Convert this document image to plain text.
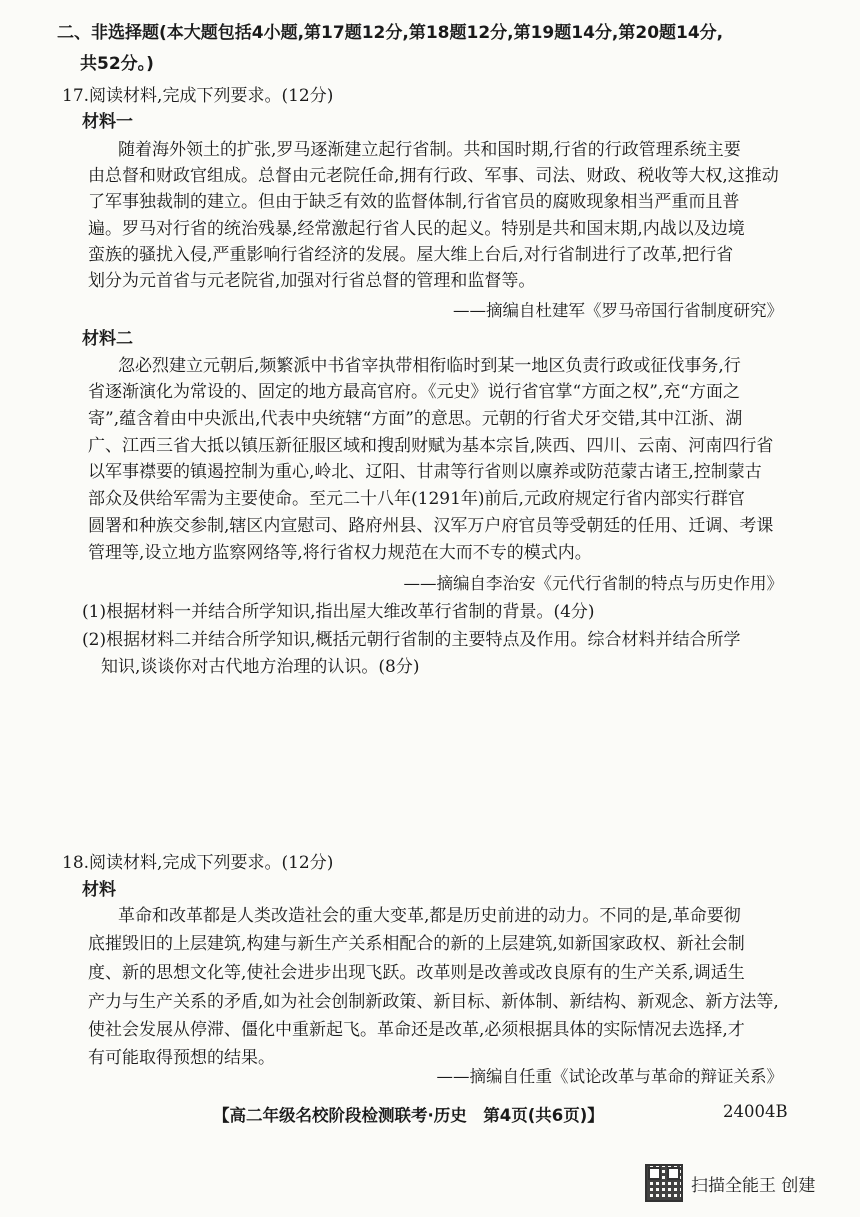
二、非选择题(本大题包括4小题,第17题12分,第18题12分,第19题14分,第20题14分,
共52分。)
17.阅读材料,完成下列要求。(12分)
材料一
随着海外领土的扩张,罗马逐渐建立起行省制。共和国时期,行省的行政管理系统主要
由总督和财政官组成。总督由元老院任命,拥有行政、军事、司法、财政、税收等大权,这推动
了军事独裁制的建立。但由于缺乏有效的监督体制,行省官员的腐败现象相当严重而且普
遍。罗马对行省的统治残暴,经常激起行省人民的起义。特别是共和国末期,内战以及边境
蛮族的骚扰入侵,严重影响行省经济的发展。屋大维上台后,对行省制进行了改革,把行省
划分为元首省与元老院省,加强对行省总督的管理和监督等。
——摘编自杜建军《罗马帝国行省制度研究》
材料二
忽必烈建立元朝后,频繁派中书省宰执带相衔临时到某一地区负责行政或征伐事务,行
省逐渐演化为常设的、固定的地方最高官府。《元史》说行省官掌“方面之权”,充“方面之
寄”,蕴含着由中央派出,代表中央统辖“方面”的意思。元朝的行省犬牙交错,其中江浙、湖
广、江西三省大抵以镇压新征服区域和搜刮财赋为基本宗旨,陕西、四川、云南、河南四行省
以军事襟要的镇遏控制为重心,岭北、辽阳、甘肃等行省则以廪养或防范蒙古诸王,控制蒙古
部众及供给军需为主要使命。至元二十八年(1291年)前后,元政府规定行省内部实行群官
圆署和种族交参制,辖区内宣慰司、路府州县、汉军万户府官员等受朝廷的任用、迁调、考课
管理等,设立地方监察网络等,将行省权力规范在大而不专的模式内。
——摘编自李治安《元代行省制的特点与历史作用》
(1)根据材料一并结合所学知识,指出屋大维改革行省制的背景。(4分)
(2)根据材料二并结合所学知识,概括元朝行省制的主要特点及作用。综合材料并结合所学
知识,谈谈你对古代地方治理的认识。(8分)
18.阅读材料,完成下列要求。(12分)
材料
革命和改革都是人类改造社会的重大变革,都是历史前进的动力。不同的是,革命要彻
底摧毁旧的上层建筑,构建与新生产关系相配合的新的上层建筑,如新国家政权、新社会制
度、新的思想文化等,使社会进步出现飞跃。改革则是改善或改良原有的生产关系,调适生
产力与生产关系的矛盾,如为社会创制新政策、新目标、新体制、新结构、新观念、新方法等,
使社会发展从停滞、僵化中重新起飞。革命还是改革,必须根据具体的实际情况去选择,才
有可能取得预想的结果。
——摘编自任重《试论改革与革命的辩证关系》
【高二年级名校阶段检测联考·历史　第4页(共6页)】	24004B
扫描全能王 创建
